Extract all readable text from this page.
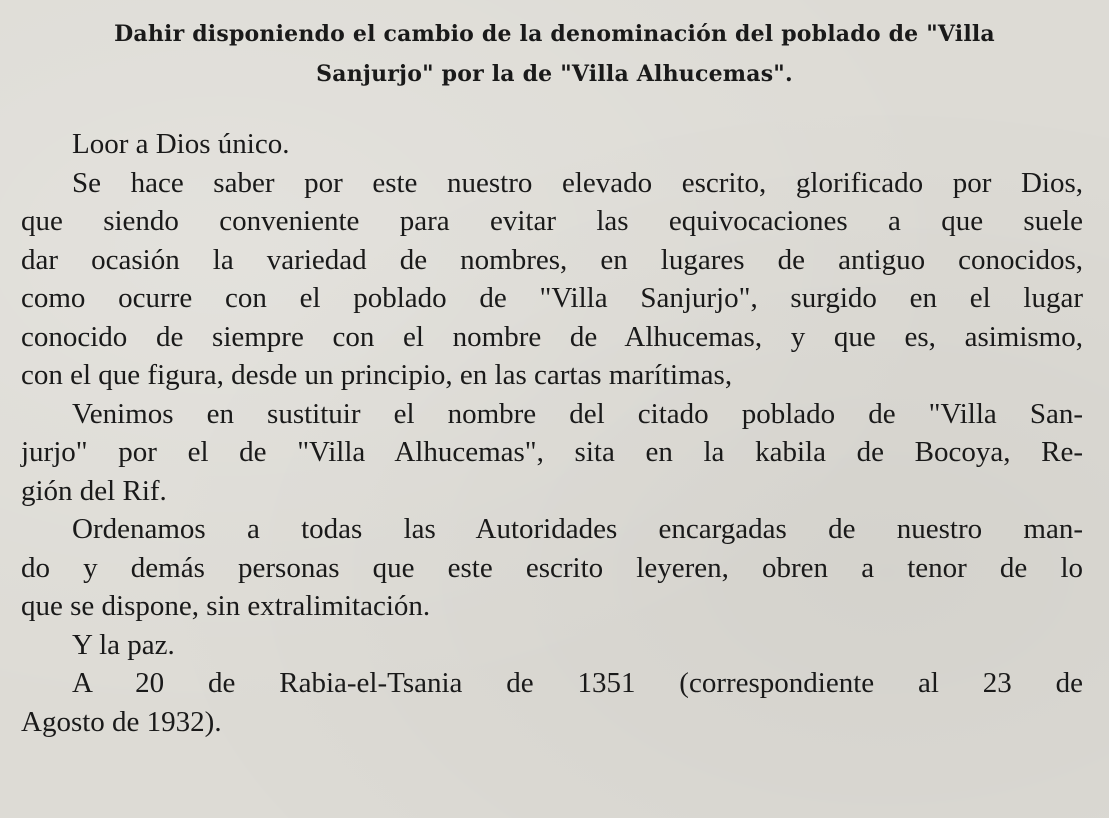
Dahir disponiendo el cambio de la denominación del poblado de "Villa
Sanjurjo" por la de "Villa Alhucemas".
Loor a Dios único.
Se hace saber por este nuestro elevado escrito, glorificado por Dios,
que siendo conveniente para evitar las equivocaciones a que suele
dar ocasión la variedad de nombres, en lugares de antiguo conocidos,
como ocurre con el poblado de "Villa Sanjurjo", surgido en el lugar
conocido de siempre con el nombre de Alhucemas, y que es, asimismo,
con el que figura, desde un principio, en las cartas marítimas,
Venimos en sustituir el nombre del citado poblado de "Villa San-
jurjo" por el de "Villa Alhucemas", sita en la kabila de Bocoya, Re-
gión del Rif.
Ordenamos a todas las Autoridades encargadas de nuestro man-
do y demás personas que este escrito leyeren, obren a tenor de lo
que se dispone, sin extralimitación.
Y la paz.
A 20 de Rabia-el-Tsania de 1351 (correspondiente al 23 de
Agosto de 1932).
